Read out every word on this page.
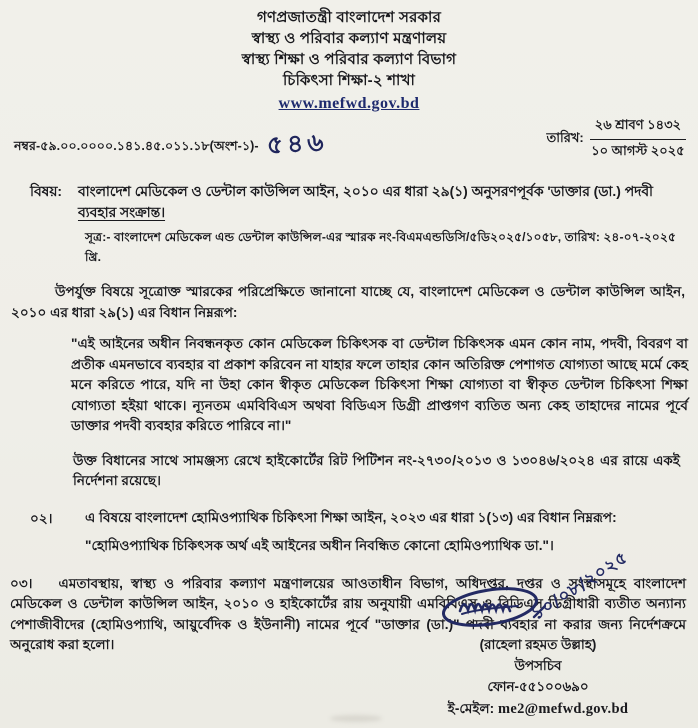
গণপ্রজাতন্ত্রী বাংলাদেশ সরকার
স্বাস্থ্য ও পরিবার কল্যাণ মন্ত্রণালয়
স্বাস্থ্য শিক্ষা ও পরিবার কল্যাণ বিভাগ
চিকিৎসা শিক্ষা-২ শাখা
www.mefwd.gov.bd
নম্বর-৫৯.০০.০০০০.১৪১.৪৫.০১১.১৮(অংশ-১)- ৫৪৬	তারিখ: $\frac{\text{২৬ শ্রাবণ ১৪৩২}}{\text{১০ আগস্ট ২০২৫}}$
বিষয়: বাংলাদেশ মেডিকেল ও ডেন্টাল কাউন্সিল আইন, ২০১০ এর ধারা ২৯(১) অনুসরণপূর্বক 'ডাক্তার (ডা.) পদবী ব্যবহার সংক্রান্ত।
সূত্র:- বাংলাদেশ মেডিকেল এন্ড ডেন্টাল কাউন্সিল-এর স্মারক নং-বিএমএন্ডডিসি/৫ডি২০২৫/১০৫৮, তারিখ: ২৪-০৭-২০২৫ খ্রি.

উপর্যুক্ত বিষয়ে সূত্রোক্ত স্মারকের পরিপ্রেক্ষিতে জানানো যাচ্ছে যে, বাংলাদেশ মেডিকেল ও ডেন্টাল কাউন্সিল আইন, ২০১০ এর ধারা ২৯(১) এর বিধান নিম্নরূপ:

"এই আইনের অধীন নিবন্ধনকৃত কোন মেডিকেল চিকিৎসক বা ডেন্টাল চিকিৎসক এমন কোন নাম, পদবী, বিবরণ বা প্রতীক এমনভাবে ব্যবহার বা প্রকাশ করিবেন না যাহার ফলে তাহার কোন অতিরিক্ত পেশাগত যোগ্যতা আছে মর্মে কেহ মনে করিতে পারে, যদি না উহা কোন স্বীকৃত মেডিকেল চিকিৎসা শিক্ষা যোগ্যতা বা স্বীকৃত ডেন্টাল চিকিৎসা শিক্ষা যোগ্যতা হইয়া থাকে। ন্যূনতম এমবিবিএস অথবা বিডিএস ডিগ্রী প্রাপ্তগণ ব্যতিত অন্য কেহ তাহাদের নামের পূর্বে ডাক্তার পদবী ব্যবহার করিতে পারিবে না।"

উক্ত বিধানের সাথে সামঞ্জস্য রেখে হাইকোর্টের রিট পিটিশন নং-২৭৩০/২০১৩ ও ১৩০৪৬/২০২৪ এর রায়ে একই নির্দেশনা রয়েছে।

০২।	এ বিষয়ে বাংলাদেশ হোমিওপ্যাথিক চিকিৎসা শিক্ষা আইন, ২০২৩ এর ধারা ১(১৩) এর বিধান নিম্নরূপ:
"হোমিওপ্যাথিক চিকিৎসক অর্থ এই আইনের অধীন নিবন্ধিত কোনো হোমিওপ্যাথিক ডা."।

০৩। এমতাবস্থায়, স্বাস্থ্য ও পরিবার কল্যাণ মন্ত্রণালয়ের আওতাধীন বিভাগ, অধিদপ্তর, দপ্তর ও সংস্থাসমূহে বাংলাদেশ মেডিকেল ও ডেন্টাল কাউন্সিল আইন, ২০১০ ও হাইকোর্টের রায় অনুযায়ী এমবিবিএস ও বিডিএস ডিগ্রীধারী ব্যতীত অন্যান্য পেশাজীবীদের (হোমিওপ্যাথি, আয়ুর্বেদিক ও ইউনানী) নামের পূর্বে "ডাক্তার (ডা.)" পদবী ব্যবহার না করার জন্য নির্দেশক্রমে অনুরোধ করা হলো।

১০/০৮/২০২৫
(রাহেলা রহমত উল্লাহ)
উপসচিব
ফোন-৫৫১০০৬৯০
ই-মেইল: me2@mefwd.gov.bd
